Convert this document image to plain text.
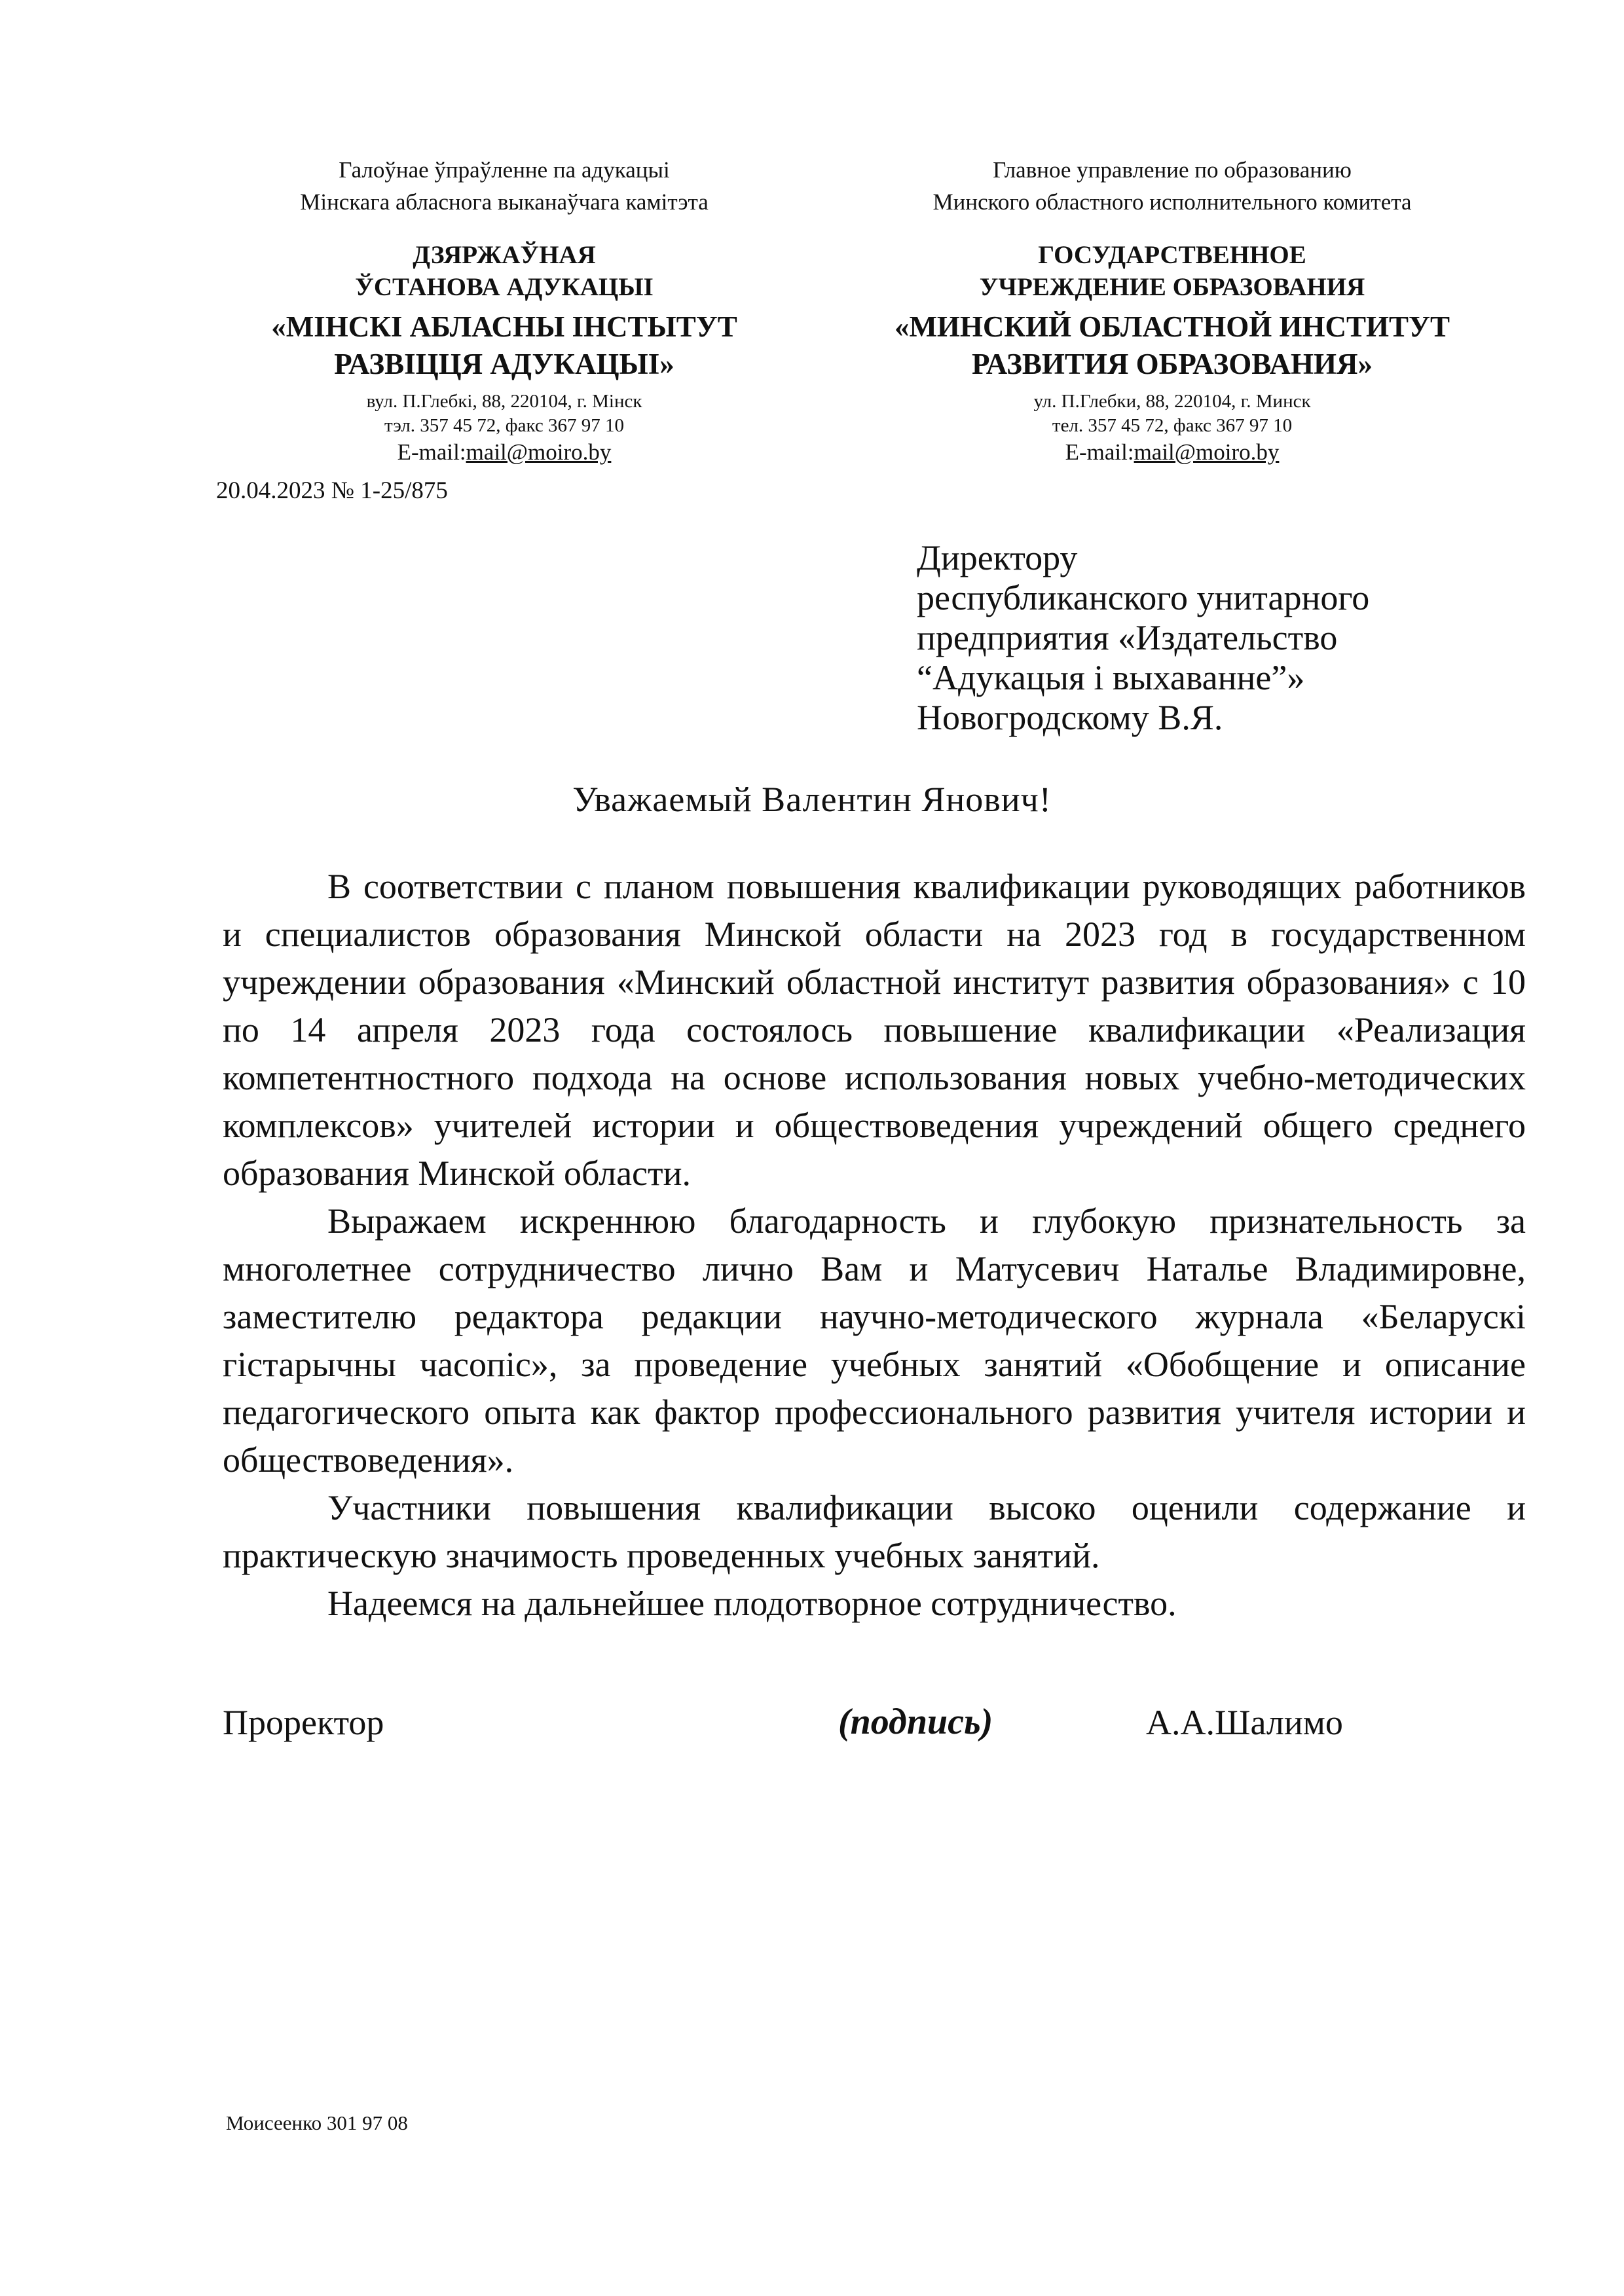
Галоўнае ўпраўленне па адукацыі
Мінскага абласнога выканаўчага камітэта
ДЗЯРЖАЎНАЯ
ЎСТАНОВА АДУКАЦЫІ
«МІНСКІ АБЛАСНЫ ІНСТЫТУТ
РАЗВІЦЦЯ АДУКАЦЫІ»
вул. П.Глебкі, 88, 220104, г. Мінск
тэл. 357 45 72, факс 367 97 10
E-mail:mail@moiro.by
Главное управление по образованию
Минского областного исполнительного комитета
ГОСУДАРСТВЕННОЕ
УЧРЕЖДЕНИЕ ОБРАЗОВАНИЯ
«МИНСКИЙ ОБЛАСТНОЙ ИНСТИТУТ
РАЗВИТИЯ ОБРАЗОВАНИЯ»
ул. П.Глебки, 88, 220104, г. Минск
тел. 357 45 72, факс 367 97 10
E-mail:mail@moiro.by
20.04.2023 № 1-25/875
Директору
республиканского унитарного
предприятия «Издательство
“Адукацыя і выхаванне”»
Новогродскому В.Я.
Уважаемый Валентин Янович!

В соответствии с планом повышения квалификации руководящих работников и специалистов образования Минской области на 2023 год в государственном учреждении образования «Минский областной институт развития образования» с 10 по 14 апреля 2023 года состоялось повышение квалификации «Реализация компетентностного подхода на основе использования новых учебно-методических комплексов» учителей истории и обществоведения учреждений общего среднего образования Минской области.

Выражаем искреннюю благодарность и глубокую признательность за многолетнее сотрудничество лично Вам и Матусевич Наталье Владимировне, заместителю редактора редакции научно-методического журнала «Беларускі гістарычны часопіс», за проведение учебных занятий «Обобщение и описание педагогического опыта как фактор профессионального развития учителя истории и обществоведения».

Участники повышения квалификации высоко оценили содержание и практическую значимость проведенных учебных занятий.

Надеемся на дальнейшее плодотворное сотрудничество.

Проректор	(подпись)	А.А.Шалимо
Моисеенко 301 97 08
